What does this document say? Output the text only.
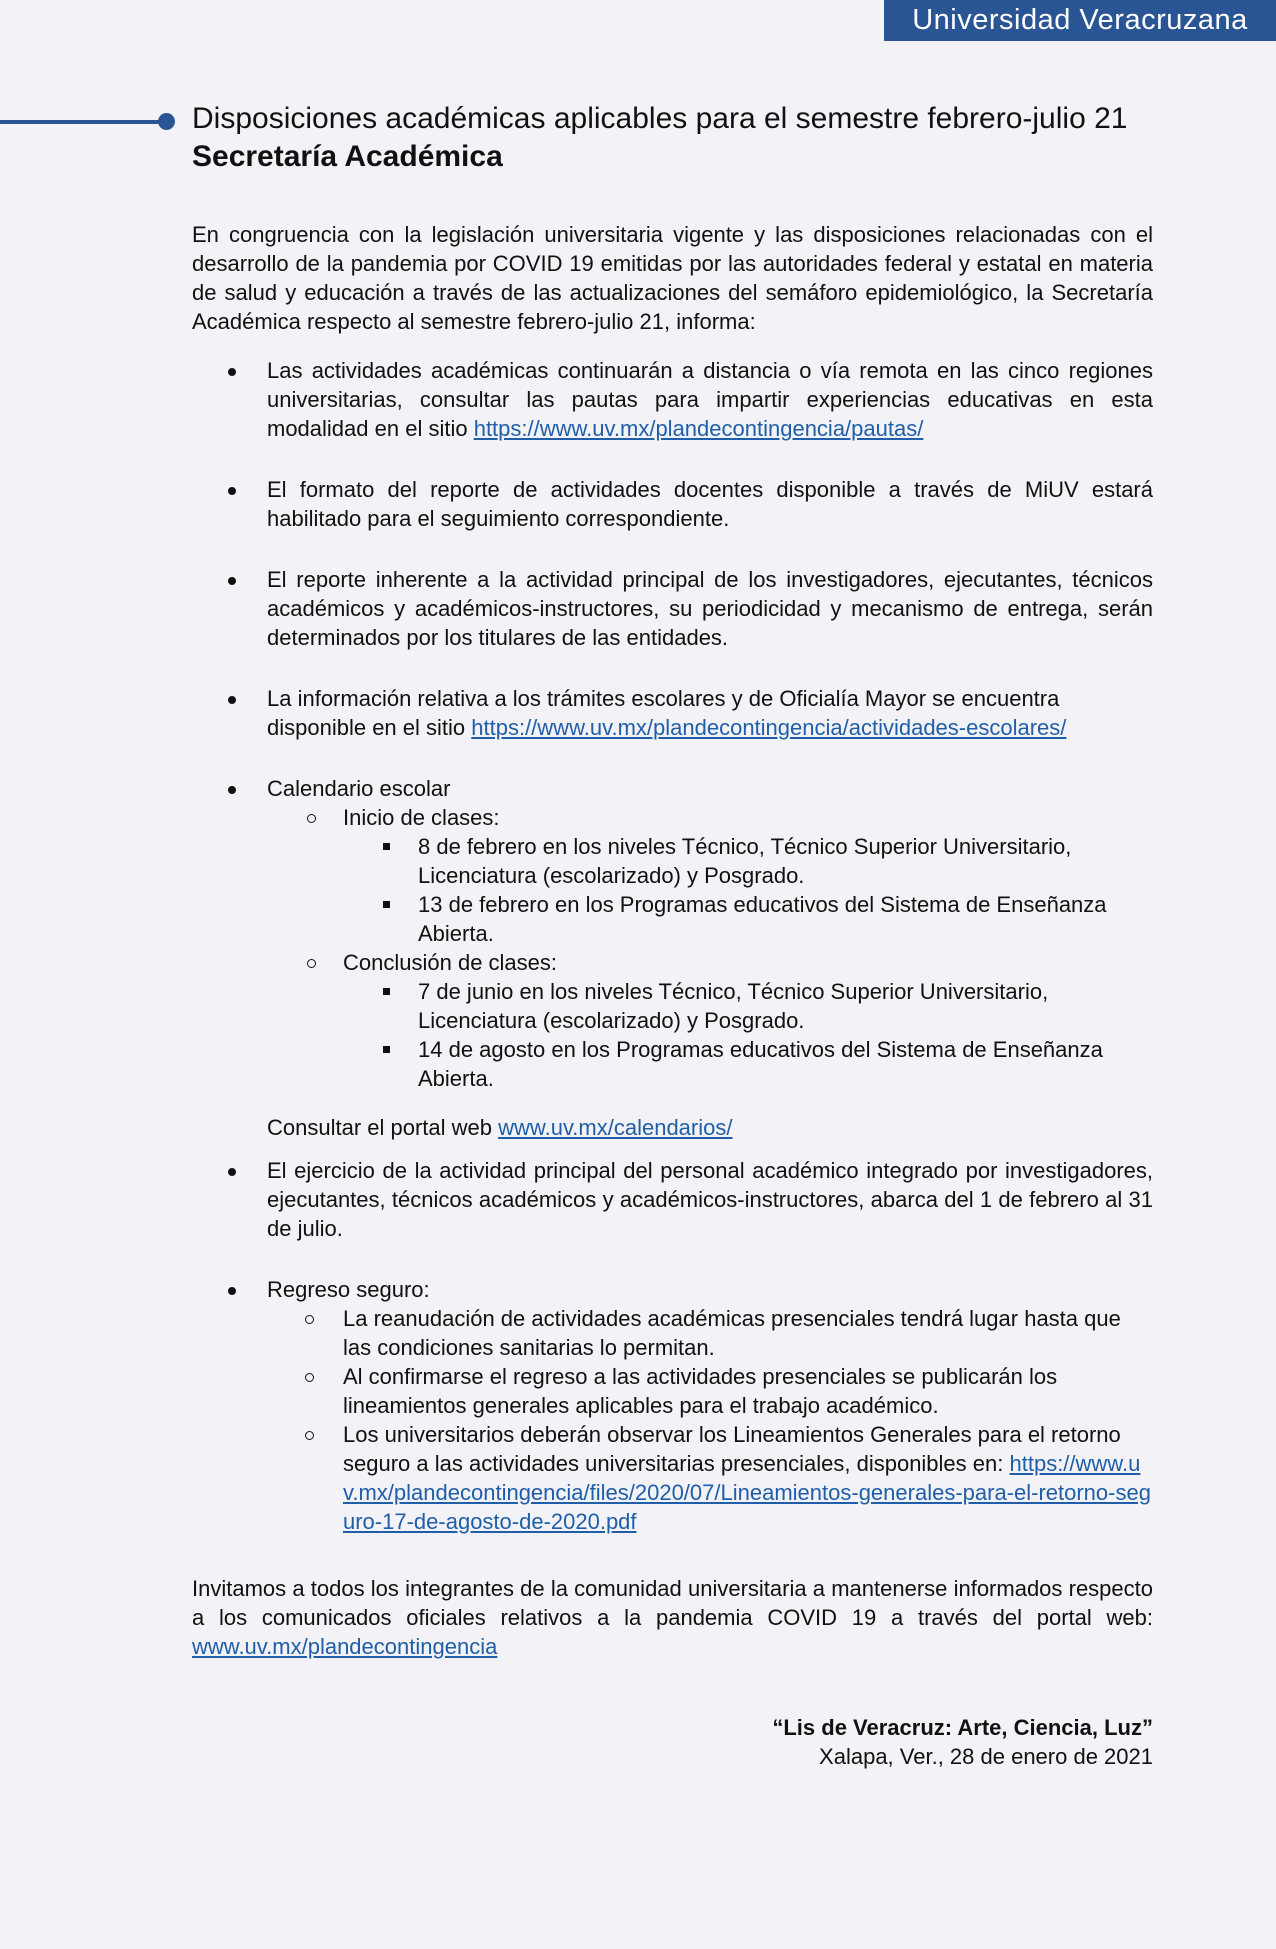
Universidad Veracruzana
Disposiciones académicas aplicables para el semestre febrero-julio 21
Secretaría Académica

En congruencia con la legislación universitaria vigente y las disposiciones relacionadas con el desarrollo de la pandemia por COVID 19 emitidas por las autoridades federal y estatal en materia de salud y educación a través de las actualizaciones del semáforo epidemiológico, la Secretaría Académica respecto al semestre febrero-julio 21, informa:

Las actividades académicas continuarán a distancia o vía remota en las cinco regiones universitarias, consultar las pautas para impartir experiencias educativas en esta modalidad en el sitio https://www.uv.mx/plandecontingencia/pautas/
El formato del reporte de actividades docentes disponible a través de MiUV estará habilitado para el seguimiento correspondiente.
El reporte inherente a la actividad principal de los investigadores, ejecutantes, técnicos académicos y académicos-instructores, su periodicidad y mecanismo de entrega, serán determinados por los titulares de las entidades.
La información relativa a los trámites escolares y de Oficialía Mayor se encuentra disponible en el sitio https://www.uv.mx/plandecontingencia/actividades-escolares/
Calendario escolar
Inicio de clases:
8 de febrero en los niveles Técnico, Técnico Superior Universitario, Licenciatura (escolarizado) y Posgrado.
13 de febrero en los Programas educativos del Sistema de Enseñanza Abierta.
Conclusión de clases:
7 de junio en los niveles Técnico, Técnico Superior Universitario, Licenciatura (escolarizado) y Posgrado.
14 de agosto en los Programas educativos del Sistema de Enseñanza Abierta.
Consultar el portal web www.uv.mx/calendarios/
El ejercicio de la actividad principal del personal académico integrado por investigadores, ejecutantes, técnicos académicos y académicos-instructores, abarca del 1 de febrero al 31 de julio.
Regreso seguro:
La reanudación de actividades académicas presenciales tendrá lugar hasta que las condiciones sanitarias lo permitan.
Al confirmarse el regreso a las actividades presenciales se publicarán los lineamientos generales aplicables para el trabajo académico.
Los universitarios deberán observar los Lineamientos Generales para el retorno seguro a las actividades universitarias presenciales, disponibles en: https://www.uv.mx/plandecontingencia/files/2020/07/Lineamientos-generales-para-el-retorno-seguro-17-de-agosto-de-2020.pdf

Invitamos a todos los integrantes de la comunidad universitaria a mantenerse informados respecto a los comunicados oficiales relativos a la pandemia COVID 19 a través del portal web: www.uv.mx/plandecontingencia

“Lis de Veracruz: Arte, Ciencia, Luz”
Xalapa, Ver., 28 de enero de 2021
